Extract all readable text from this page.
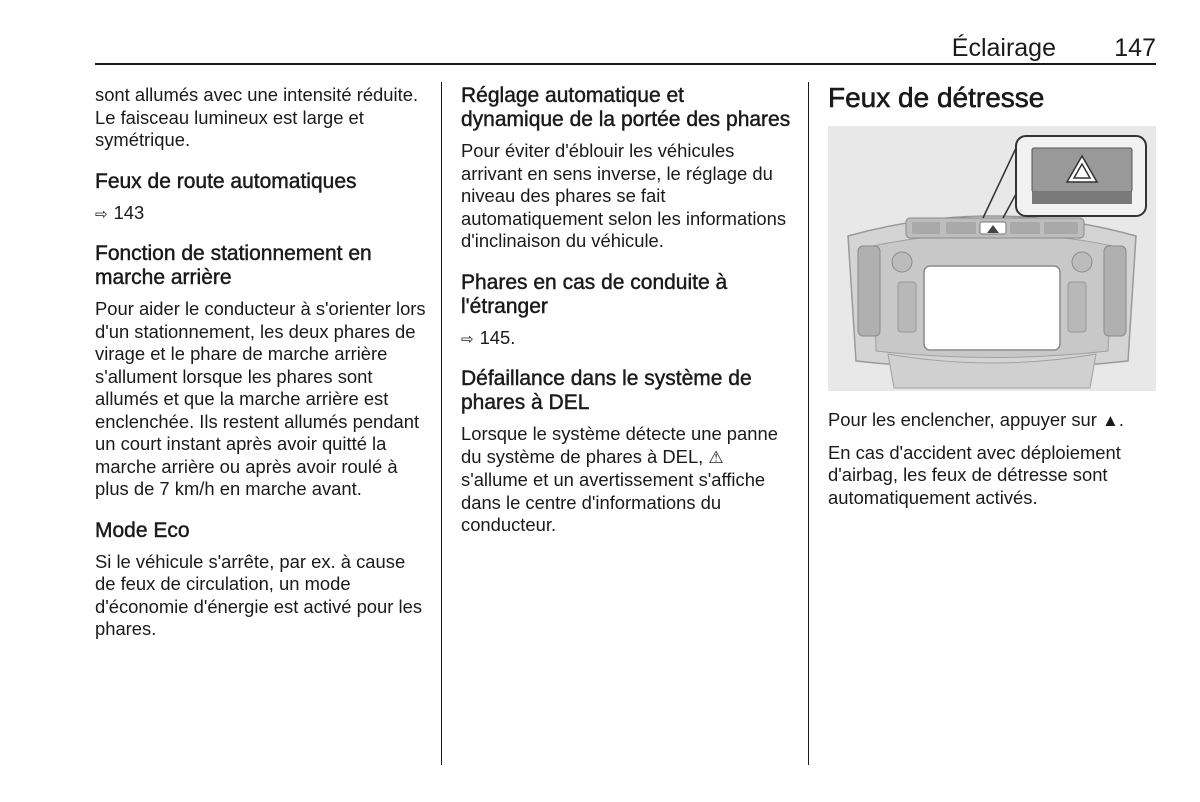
Éclairage 147

sont allumés avec une intensité réduite. Le faisceau lumineux est large et symétrique.

Feux de route automatiques
⇨ 143
Fonction de stationnement en marche arrière

Pour aider le conducteur à s'orienter lors d'un stationnement, les deux phares de virage et le phare de marche arrière s'allument lorsque les phares sont allumés et que la marche arrière est enclenchée. Ils restent allumés pendant un court instant après avoir quitté la marche arrière ou après avoir roulé à plus de 7 km/h en marche avant.

Mode Eco

Si le véhicule s'arrête, par ex. à cause de feux de circulation, un mode d'économie d'énergie est activé pour les phares.

Réglage automatique et dynamique de la portée des phares

Pour éviter d'éblouir les véhicules arrivant en sens inverse, le réglage du niveau des phares se fait automatiquement selon les informations d'inclinaison du véhicule.

Phares en cas de conduite à l'étranger
⇨ 145.
Défaillance dans le système de phares à DEL

Lorsque le système détecte une panne du système de phares à DEL, ⚠ s'allume et un avertissement s'affiche dans le centre d'informations du conducteur.

Feux de détresse

Pour les enclencher, appuyer sur ▲.

En cas d'accident avec déploiement d'airbag, les feux de détresse sont automatiquement activés.
